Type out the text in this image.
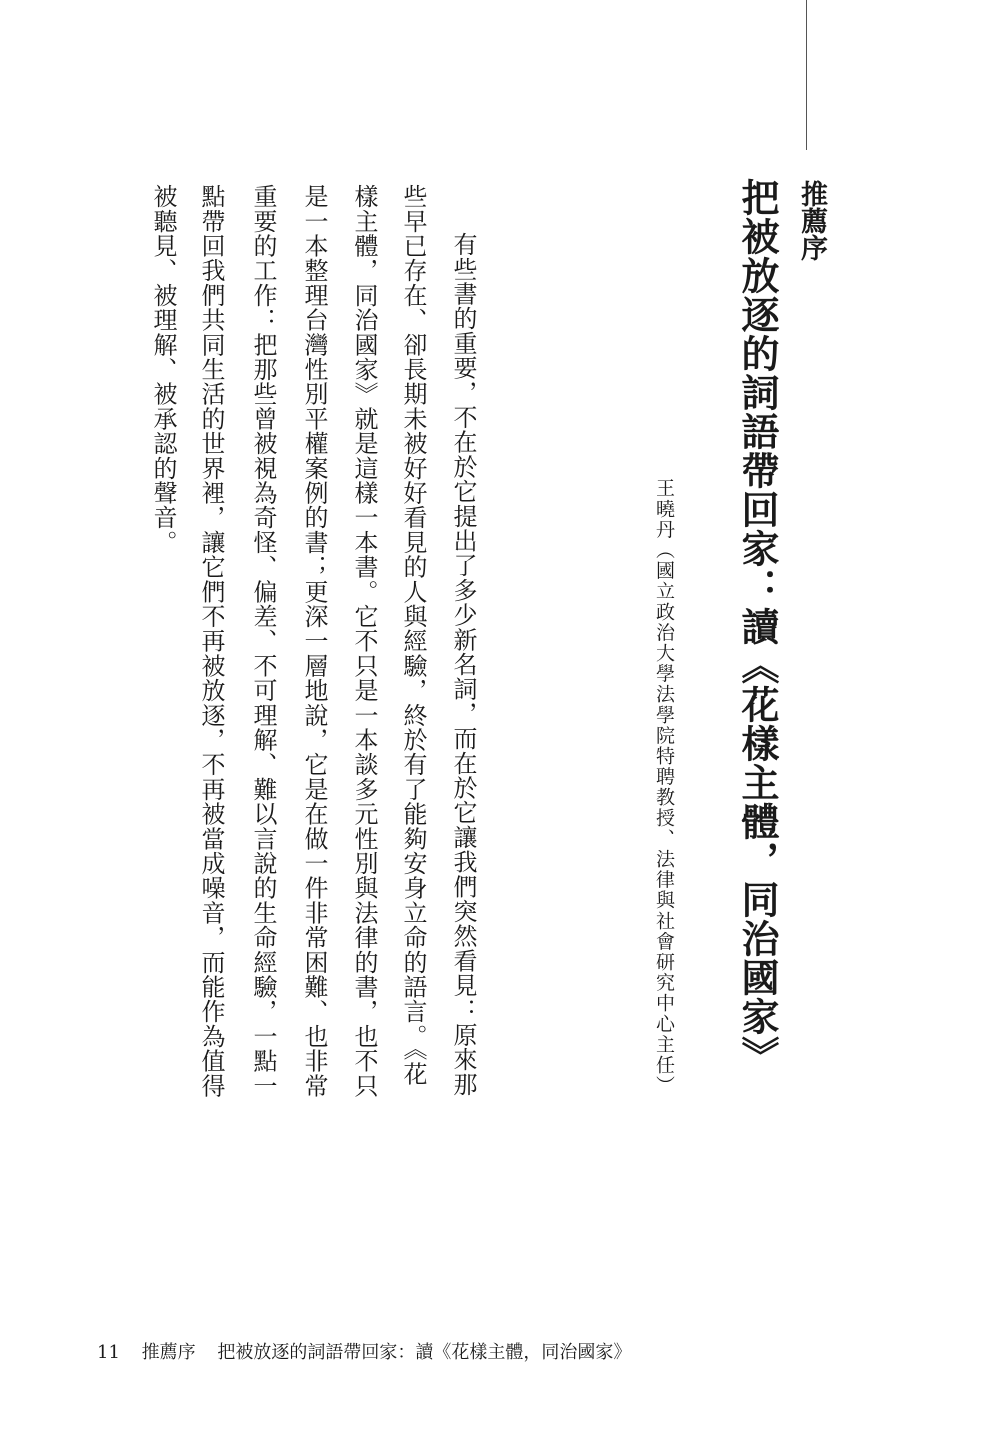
推薦序
把被放逐的詞語帶回家：讀《花樣主體，同治國家》
王曉丹（國立政治大學法學院特聘教授、法律與社會研究中心主任）
有些書的重要，不在於它提出了多少新名詞，而在於它讓我們突然看見：原來那
些早已存在、卻長期未被好好看見的人與經驗，終於有了能夠安身立命的語言。《花
樣主體，同治國家》就是這樣一本書。它不只是一本談多元性別與法律的書，也不只
是一本整理台灣性別平權案例的書；更深一層地說，它是在做一件非常困難、也非常
重要的工作：把那些曾被視為奇怪、偏差、不可理解、難以言說的生命經驗，一點一
點帶回我們共同生活的世界裡，讓它們不再被放逐，不再被當成噪音，而能作為值得
被聽見、被理解、被承認的聲音。
11 推薦序 把被放逐的詞語帶回家：讀《花樣主體，同治國家》
